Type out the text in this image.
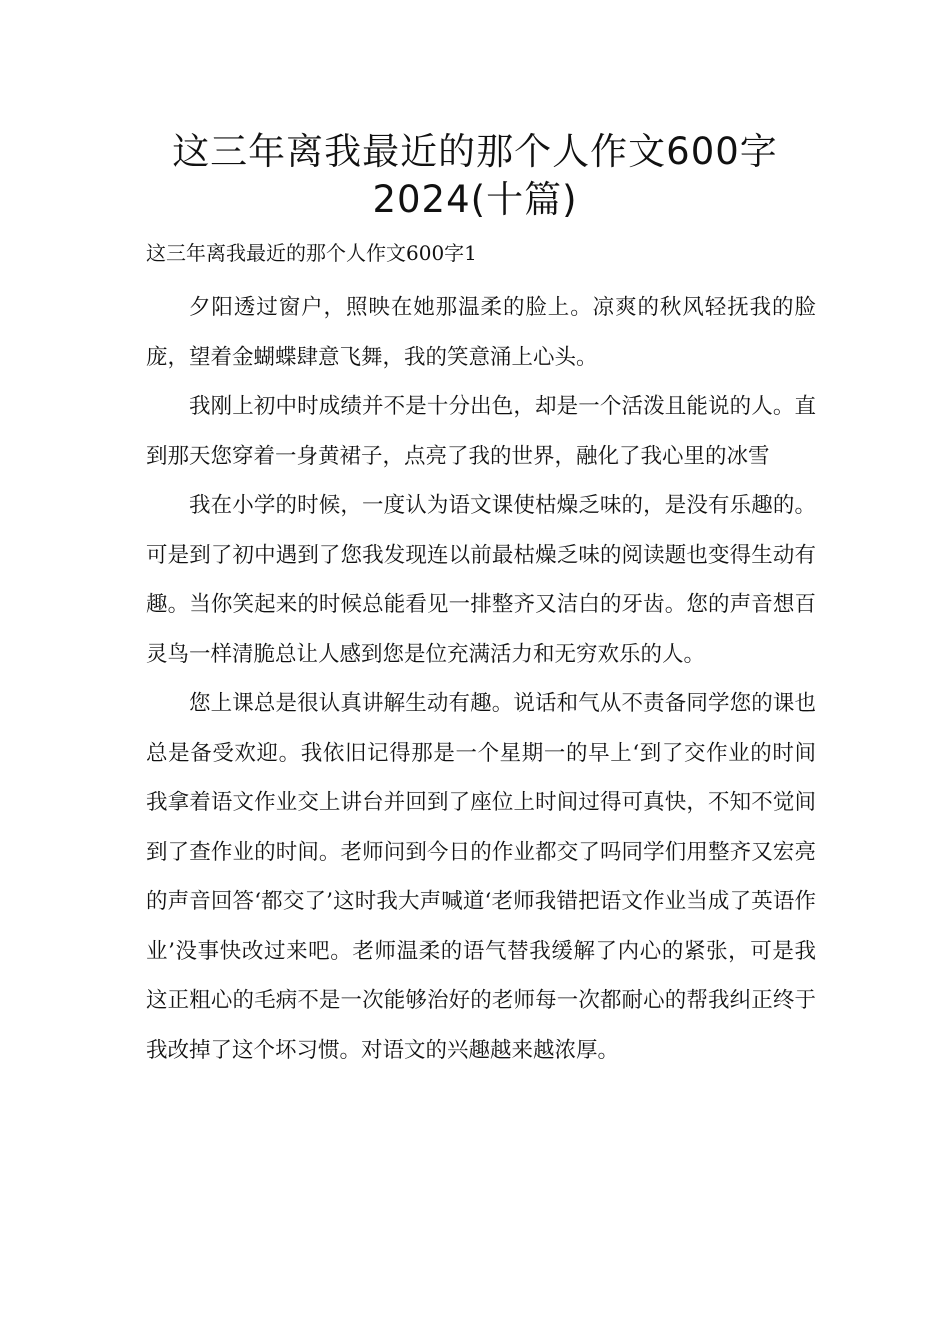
这三年离我最近的那个人作文600字
2024(十篇)
这三年离我最近的那个人作文600字1

夕阳透过窗户，照映在她那温柔的脸上。凉爽的秋风轻抚我的脸庞，望着金蝴蝶肆意飞舞，我的笑意涌上心头。

我刚上初中时成绩并不是十分出色，却是一个活泼且能说的人。直到那天您穿着一身黄裙子，点亮了我的世界，融化了我心里的冰雪

我在小学的时候，一度认为语文课使枯燥乏味的，是没有乐趣的。可是到了初中遇到了您我发现连以前最枯燥乏味的阅读题也变得生动有趣。当你笑起来的时候总能看见一排整齐又洁白的牙齿。您的声音想百灵鸟一样清脆总让人感到您是位充满活力和无穷欢乐的人。

您上课总是很认真讲解生动有趣。说话和气从不责备同学您的课也总是备受欢迎。我依旧记得那是一个星期一的早上‘到了交作业的时间我拿着语文作业交上讲台并回到了座位上时间过得可真快，不知不觉间到了查作业的时间。老师问到今日的作业都交了吗同学们用整齐又宏亮的声音回答‘都交了’这时我大声喊道‘老师我错把语文作业当成了英语作业’没事快改过来吧。老师温柔的语气替我缓解了内心的紧张，可是我这正粗心的毛病不是一次能够治好的老师每一次都耐心的帮我纠正终于我改掉了这个坏习惯。对语文的兴趣越来越浓厚。
